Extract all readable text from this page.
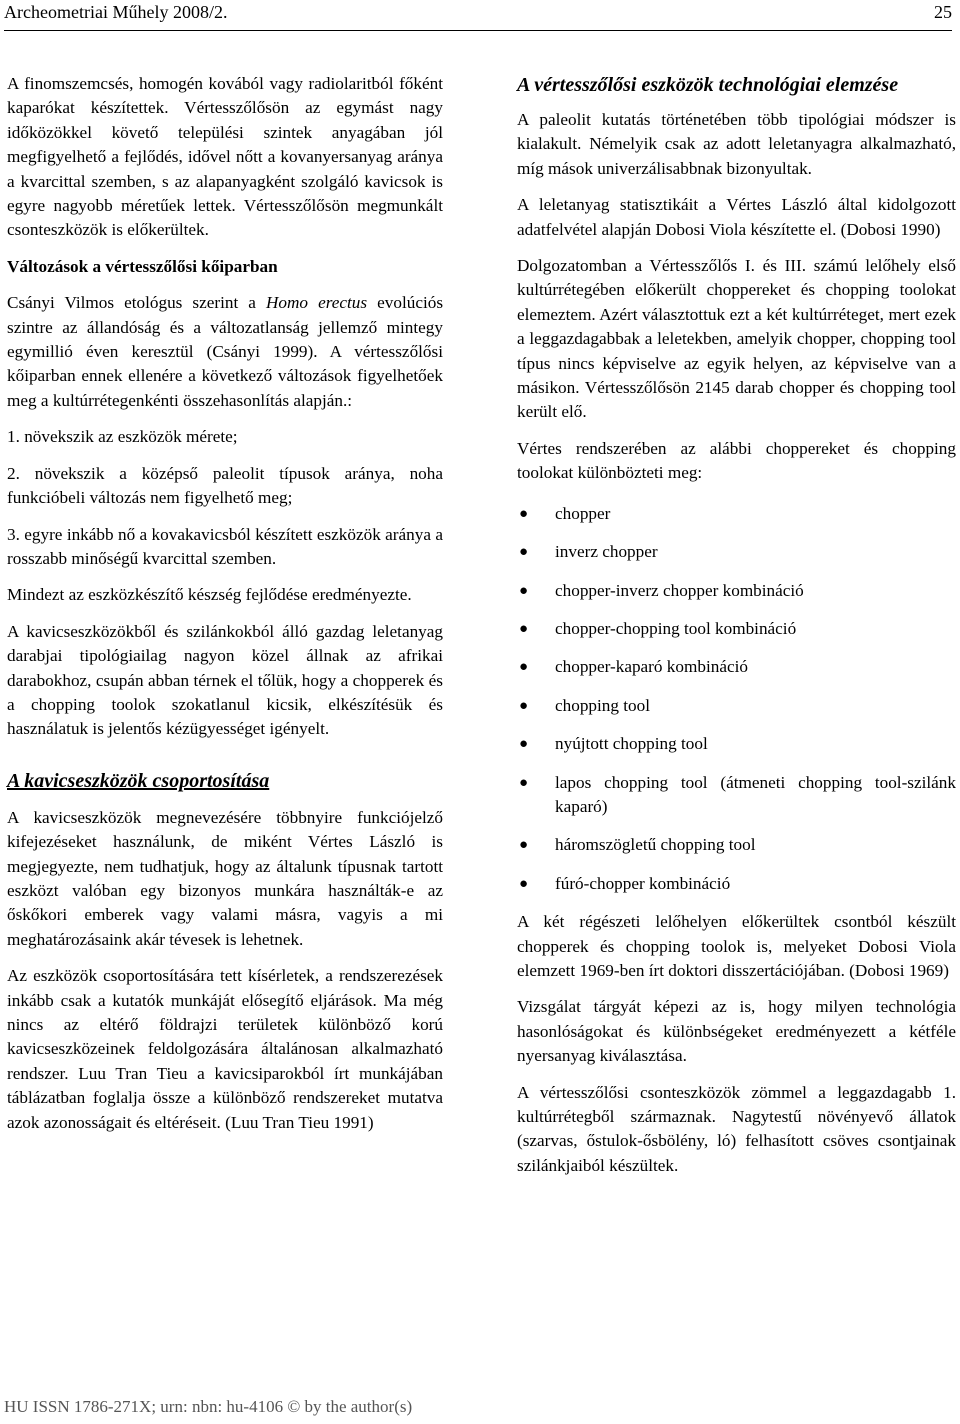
Archeometriai Műhely 2008/2.	25

A finomszemcsés, homogén kovából vagy radiolaritból főként kaparókat készítettek. Vértesszőlősön az egymást nagy időközökkel követő települési szintek anyagában jól megfigyelhető a fejlődés, idővel nőtt a kovanyersanyag aránya a kvarcittal szemben, s az alapanyagként szolgáló kavicsok is egyre nagyobb méretűek lettek. Vértesszőlősön megmunkált csonteszközök is előkerültek.

Változások a vértesszőlősi kőiparban

Csányi Vilmos etológus szerint a Homo erectus evolúciós szintre az állandóság és a változatlanság jellemző mintegy egymillió éven keresztül (Csányi 1999). A vértesszőlősi kőiparban ennek ellenére a következő változások figyelhetőek meg a kultúrrétegenkénti összehasonlítás alapján.:

1. növekszik az eszközök mérete;

2. növekszik a középső paleolit típusok aránya, noha funkcióbeli változás nem figyelhető meg;

3. egyre inkább nő a kovakavicsból készített eszközök aránya a rosszabb minőségű kvarcittal szemben.

Mindezt az eszközkészítő készség fejlődése eredményezte.

A kavicseszközökből és szilánkokból álló gazdag leletanyag darabjai tipológiailag nagyon közel állnak az afrikai darabokhoz, csupán abban térnek el tőlük, hogy a chopperek és a chopping toolok szokatlanul kicsik, elkészítésük és használatuk is jelentős kézügyességet igényelt.

A kavicseszközök csoportosítása

A kavicseszközök megnevezésére többnyire funkciójelző kifejezéseket használunk, de miként Vértes László is megjegyezte, nem tudhatjuk, hogy az általunk típusnak tartott eszközt valóban egy bizonyos munkára használták-e az őskőkori emberek vagy valami másra, vagyis a mi meghatározásaink akár tévesek is lehetnek.

Az eszközök csoportosítására tett kísérletek, a rendszerezések inkább csak a kutatók munkáját elősegítő eljárások. Ma még nincs az eltérő földrajzi területek különböző korú kavicseszközeinek feldolgozására általánosan alkalmazható rendszer. Luu Tran Tieu a kavicsiparokból írt munkájában táblázatban foglalja össze a különböző rendszereket mutatva azok azonosságait és eltéréseit. (Luu Tran Tieu 1991)

A vértesszőlősi eszközök technológiai elemzése

A paleolit kutatás történetében több tipológiai módszer is kialakult. Némelyik csak az adott leletanyagra alkalmazható, míg mások univerzálisabbnak bizonyultak.

A leletanyag statisztikáit a Vértes László által kidolgozott adatfelvétel alapján Dobosi Viola készítette el. (Dobosi 1990)

Dolgozatomban a Vértesszőlős I. és III. számú lelőhely első kultúrrétegében előkerült choppereket és chopping toolokat elemeztem. Azért választottuk ezt a két kultúrréteget, mert ezek a leggazdagabbak a leletekben, amelyik chopper, chopping tool típus nincs képviselve az egyik helyen, az képviselve van a másikon. Vértesszőlősön 2145 darab chopper és chopping tool került elő.

Vértes rendszerében az alábbi choppereket és chopping toolokat különbözteti meg:

● chopper
● inverz chopper
● chopper-inverz chopper kombináció
● chopper-chopping tool kombináció
● chopper-kaparó kombináció
● chopping tool
● nyújtott chopping tool
● lapos chopping tool (átmeneti chopping tool-szilánk kaparó)
● háromszögletű chopping tool
● fúró-chopper kombináció

A két régészeti lelőhelyen előkerültek csontból készült chopperek és chopping toolok is, melyeket Dobosi Viola elemzett 1969-ben írt doktori disszertációjában. (Dobosi 1969)

Vizsgálat tárgyát képezi az is, hogy milyen technológia hasonlóságokat és különbségeket eredményezett a kétféle nyersanyag kiválasztása.

A vértesszőlősi csonteszközök zömmel a leggazdagabb 1. kultúrrétegből származnak. Nagytestű növényevő állatok (szarvas, őstulok-ősbölény, ló) felhasított csöves csontjainak szilánkjaiból készültek.

HU ISSN 1786-271X; urn: nbn: hu-4106 © by the author(s)
